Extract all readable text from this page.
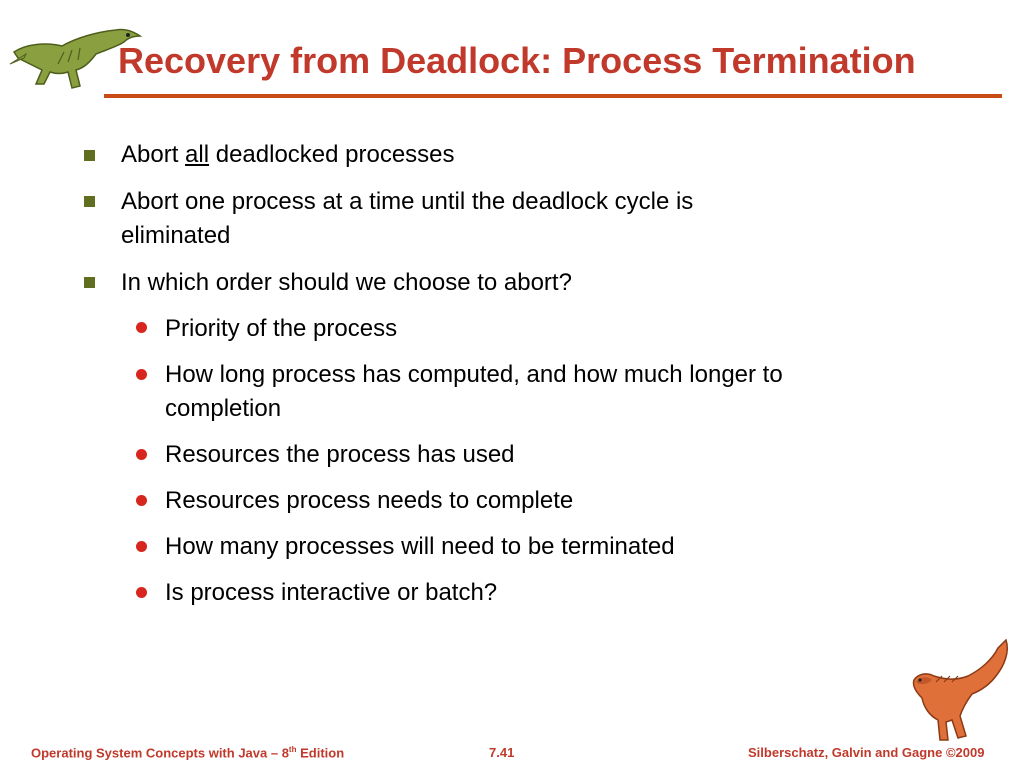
Recovery from Deadlock: Process Termination
Abort all deadlocked processes
Abort one process at a time until the deadlock cycle is
eliminated
In which order should we choose to abort?
Priority of the process
How long process has computed, and how much longer to
completion
Resources the process has used
Resources process needs to complete
How many processes will need to be terminated
Is process interactive or batch?
Operating System Concepts with Java – 8th Edition	7.41	Silberschatz, Galvin and Gagne ©2009
